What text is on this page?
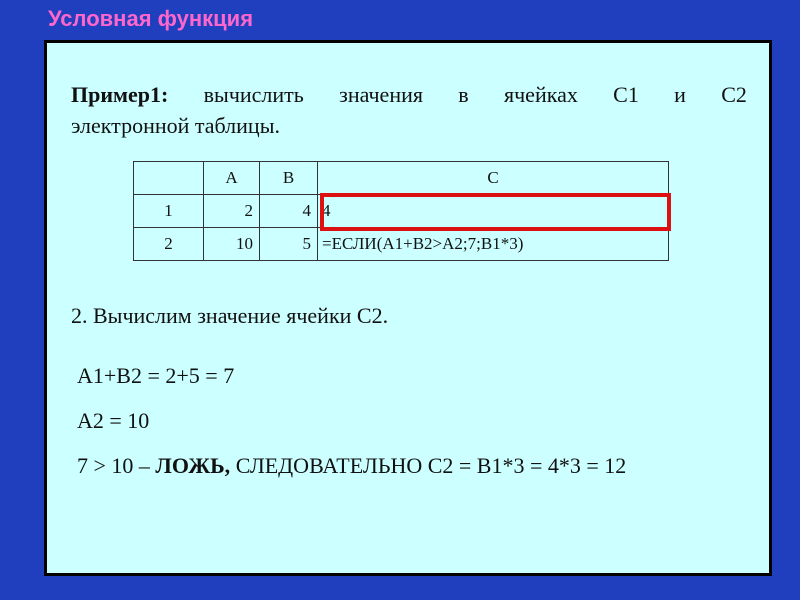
Условная функция
Пример1: вычислить значения в ячейках С1 и С2
электронной таблицы.
	A	B	C
1	2	4	4
2	10	5	=ЕСЛИ(А1+В2>А2;7;В1*3)
2. Вычислим значение ячейки С2.
А1+В2 = 2+5 = 7
А2 = 10
7 > 10 – ЛОЖЬ, СЛЕДОВАТЕЛЬНО С2 = В1*3 = 4*3 = 12
